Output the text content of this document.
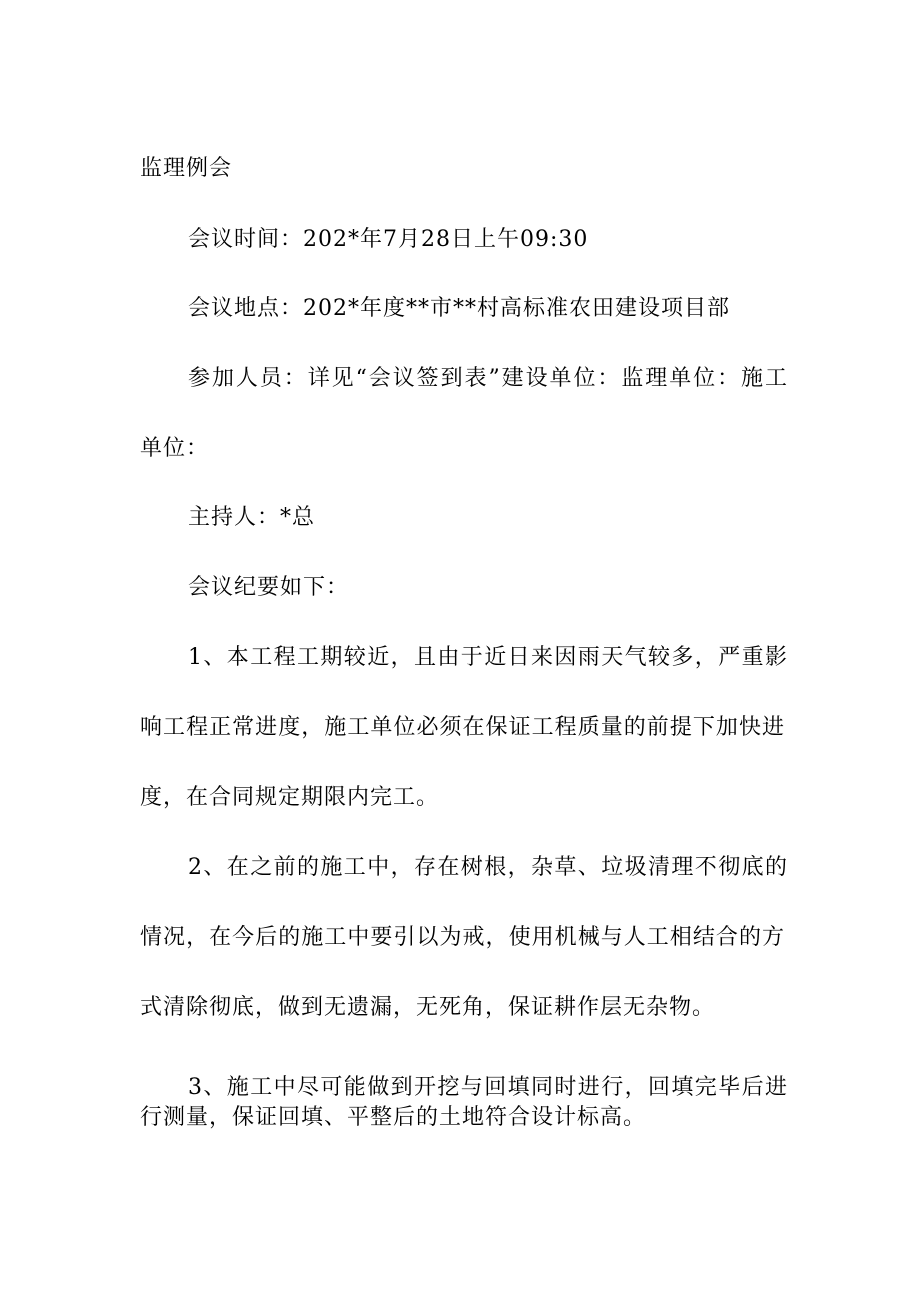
监理例会
会议时间：202*年7月28日上午09:30
会议地点：202*年度**市**村高标准农田建设项目部
参加人员：详见“会议签到表”建设单位：监理单位：施工
单位：
主持人：*总
会议纪要如下：
1、本工程工期较近，且由于近日来因雨天气较多，严重影
响工程正常进度，施工单位必须在保证工程质量的前提下加快进
度，在合同规定期限内完工。
2、在之前的施工中，存在树根，杂草、垃圾清理不彻底的
情况，在今后的施工中要引以为戒，使用机械与人工相结合的方
式清除彻底，做到无遗漏，无死角，保证耕作层无杂物。
3、施工中尽可能做到开挖与回填同时进行，回填完毕后进
行测量，保证回填、平整后的土地符合设计标高。
